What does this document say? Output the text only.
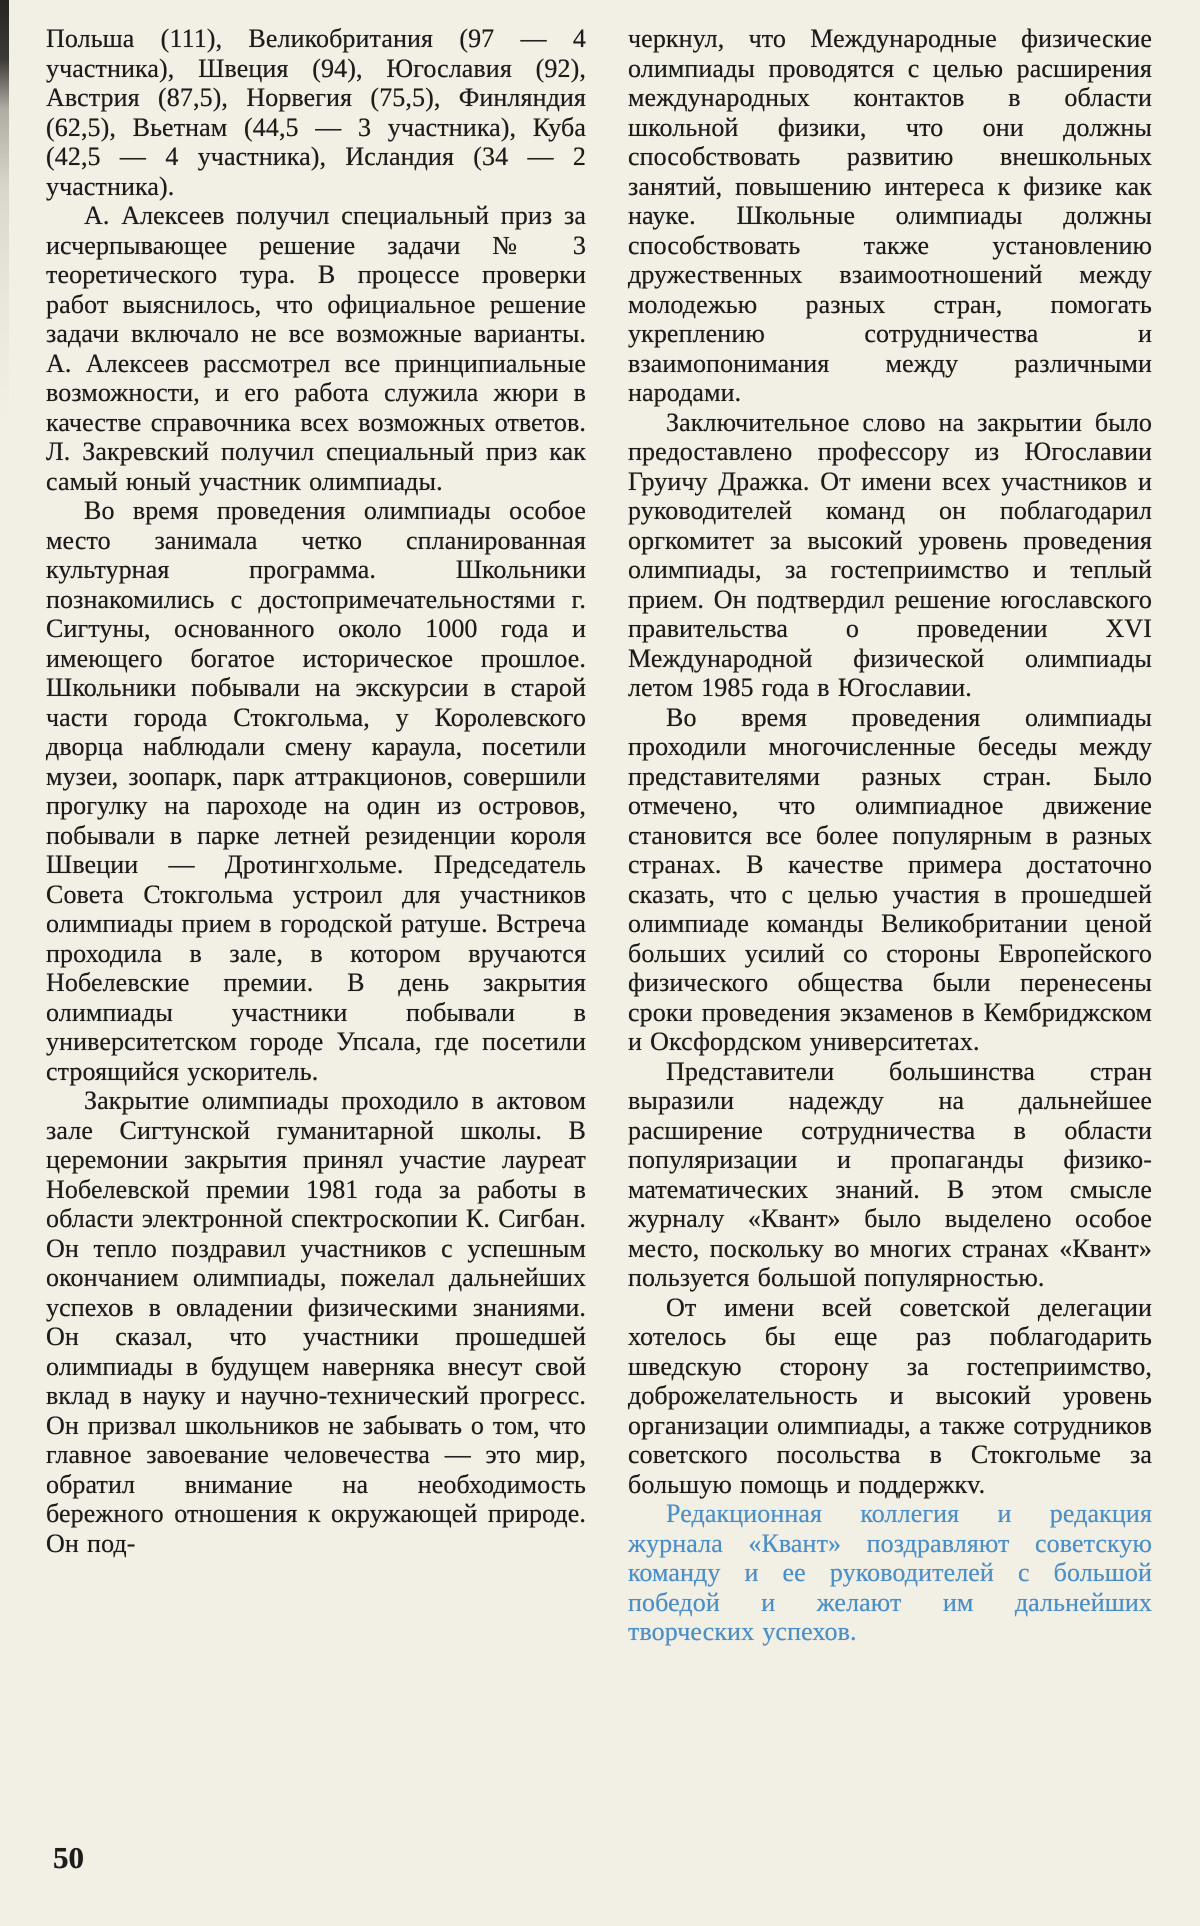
Польша (111), Великобритания (97 — 4 участника), Швеция (94), Югославия (92), Австрия (87,5), Норвегия (75,5), Финляндия (62,5), Вьетнам (44,5 — 3 участника), Куба (42,5 — 4 участника), Исландия (34 — 2 участника).

А. Алексеев получил специальный приз за исчерпывающее решение задачи № 3 теоретического тура. В процессе проверки работ выяснилось, что официальное решение задачи включало не все возможные варианты. А. Алексеев рассмотрел все принципиальные возможности, и его работа служила жюри в качестве справочника всех возможных ответов. Л. Закревский получил специальный приз как самый юный участник олимпиады.

Во время проведения олимпиады особое место занимала четко спланированная культурная программа. Школьники познакомились с достопримечательностями г. Сигтуны, основанного около 1000 года и имеющего богатое историческое прошлое. Школьники побывали на экскурсии в старой части города Стокгольма, у Королевского дворца наблюдали смену караула, посетили музеи, зоопарк, парк аттракционов, совершили прогулку на пароходе на один из островов, побывали в парке летней резиденции короля Швеции — Дротингхольме. Председатель Совета Стокгольма устроил для участников олимпиады прием в городской ратуше. Встреча проходила в зале, в котором вручаются Нобелевские премии. В день закрытия олимпиады участники побывали в университетском городе Упсала, где посетили строящийся ускоритель.

Закрытие олимпиады проходило в актовом зале Сигтунской гуманитарной школы. В церемонии закрытия принял участие лауреат Нобелевской премии 1981 года за работы в области электронной спектроскопии К. Сигбан. Он тепло поздравил участников с успешным окончанием олимпиады, пожелал дальнейших успехов в овладении физическими знаниями. Он сказал, что участники прошедшей олимпиады в будущем наверняка внесут свой вклад в науку и научно-технический прогресс. Он призвал школьников не забывать о том, что главное завоевание человечества — это мир, обратил внимание на необходимость бережного отношения к окружающей природе. Он под-

черкнул, что Международные физические олимпиады проводятся с целью расширения международных контактов в области школьной физики, что они должны способствовать развитию внешкольных занятий, повышению интереса к физике как науке. Школьные олимпиады должны способствовать также установлению дружественных взаимоотношений между молодежью разных стран, помогать укреплению сотрудничества и взаимопонимания между различными народами.

Заключительное слово на закрытии было предоставлено профессору из Югославии Груичу Дражка. От имени всех участников и руководителей команд он поблагодарил оргкомитет за высокий уровень проведения олимпиады, за гостеприимство и теплый прием. Он подтвердил решение югославского правительства о проведении XVI Международной физической олимпиады летом 1985 года в Югославии.

Во время проведения олимпиады проходили многочисленные беседы между представителями разных стран. Было отмечено, что олимпиадное движение становится все более популярным в разных странах. В качестве примера достаточно сказать, что с целью участия в прошедшей олимпиаде команды Великобритании ценой больших усилий со стороны Европейского физического общества были перенесены сроки проведения экзаменов в Кембриджском и Оксфордском университетах.

Представители большинства стран выразили надежду на дальнейшее расширение сотрудничества в области популяризации и пропаганды физико-математических знаний. В этом смысле журналу «Квант» было выделено особое место, поскольку во многих странах «Квант» пользуется большой популярностью.

От имени всей советской делегации хотелось бы еще раз поблагодарить шведскую сторону за гостеприимство, доброжелательность и высокий уровень организации олимпиады, а также сотрудников советского посольства в Стокгольме за большую помощь и поддержкv.

Редакционная коллегия и редакция журнала «Квант» поздравляют советскую команду и ее руководителей с большой победой и желают им дальнейших творческих успехов.

50
